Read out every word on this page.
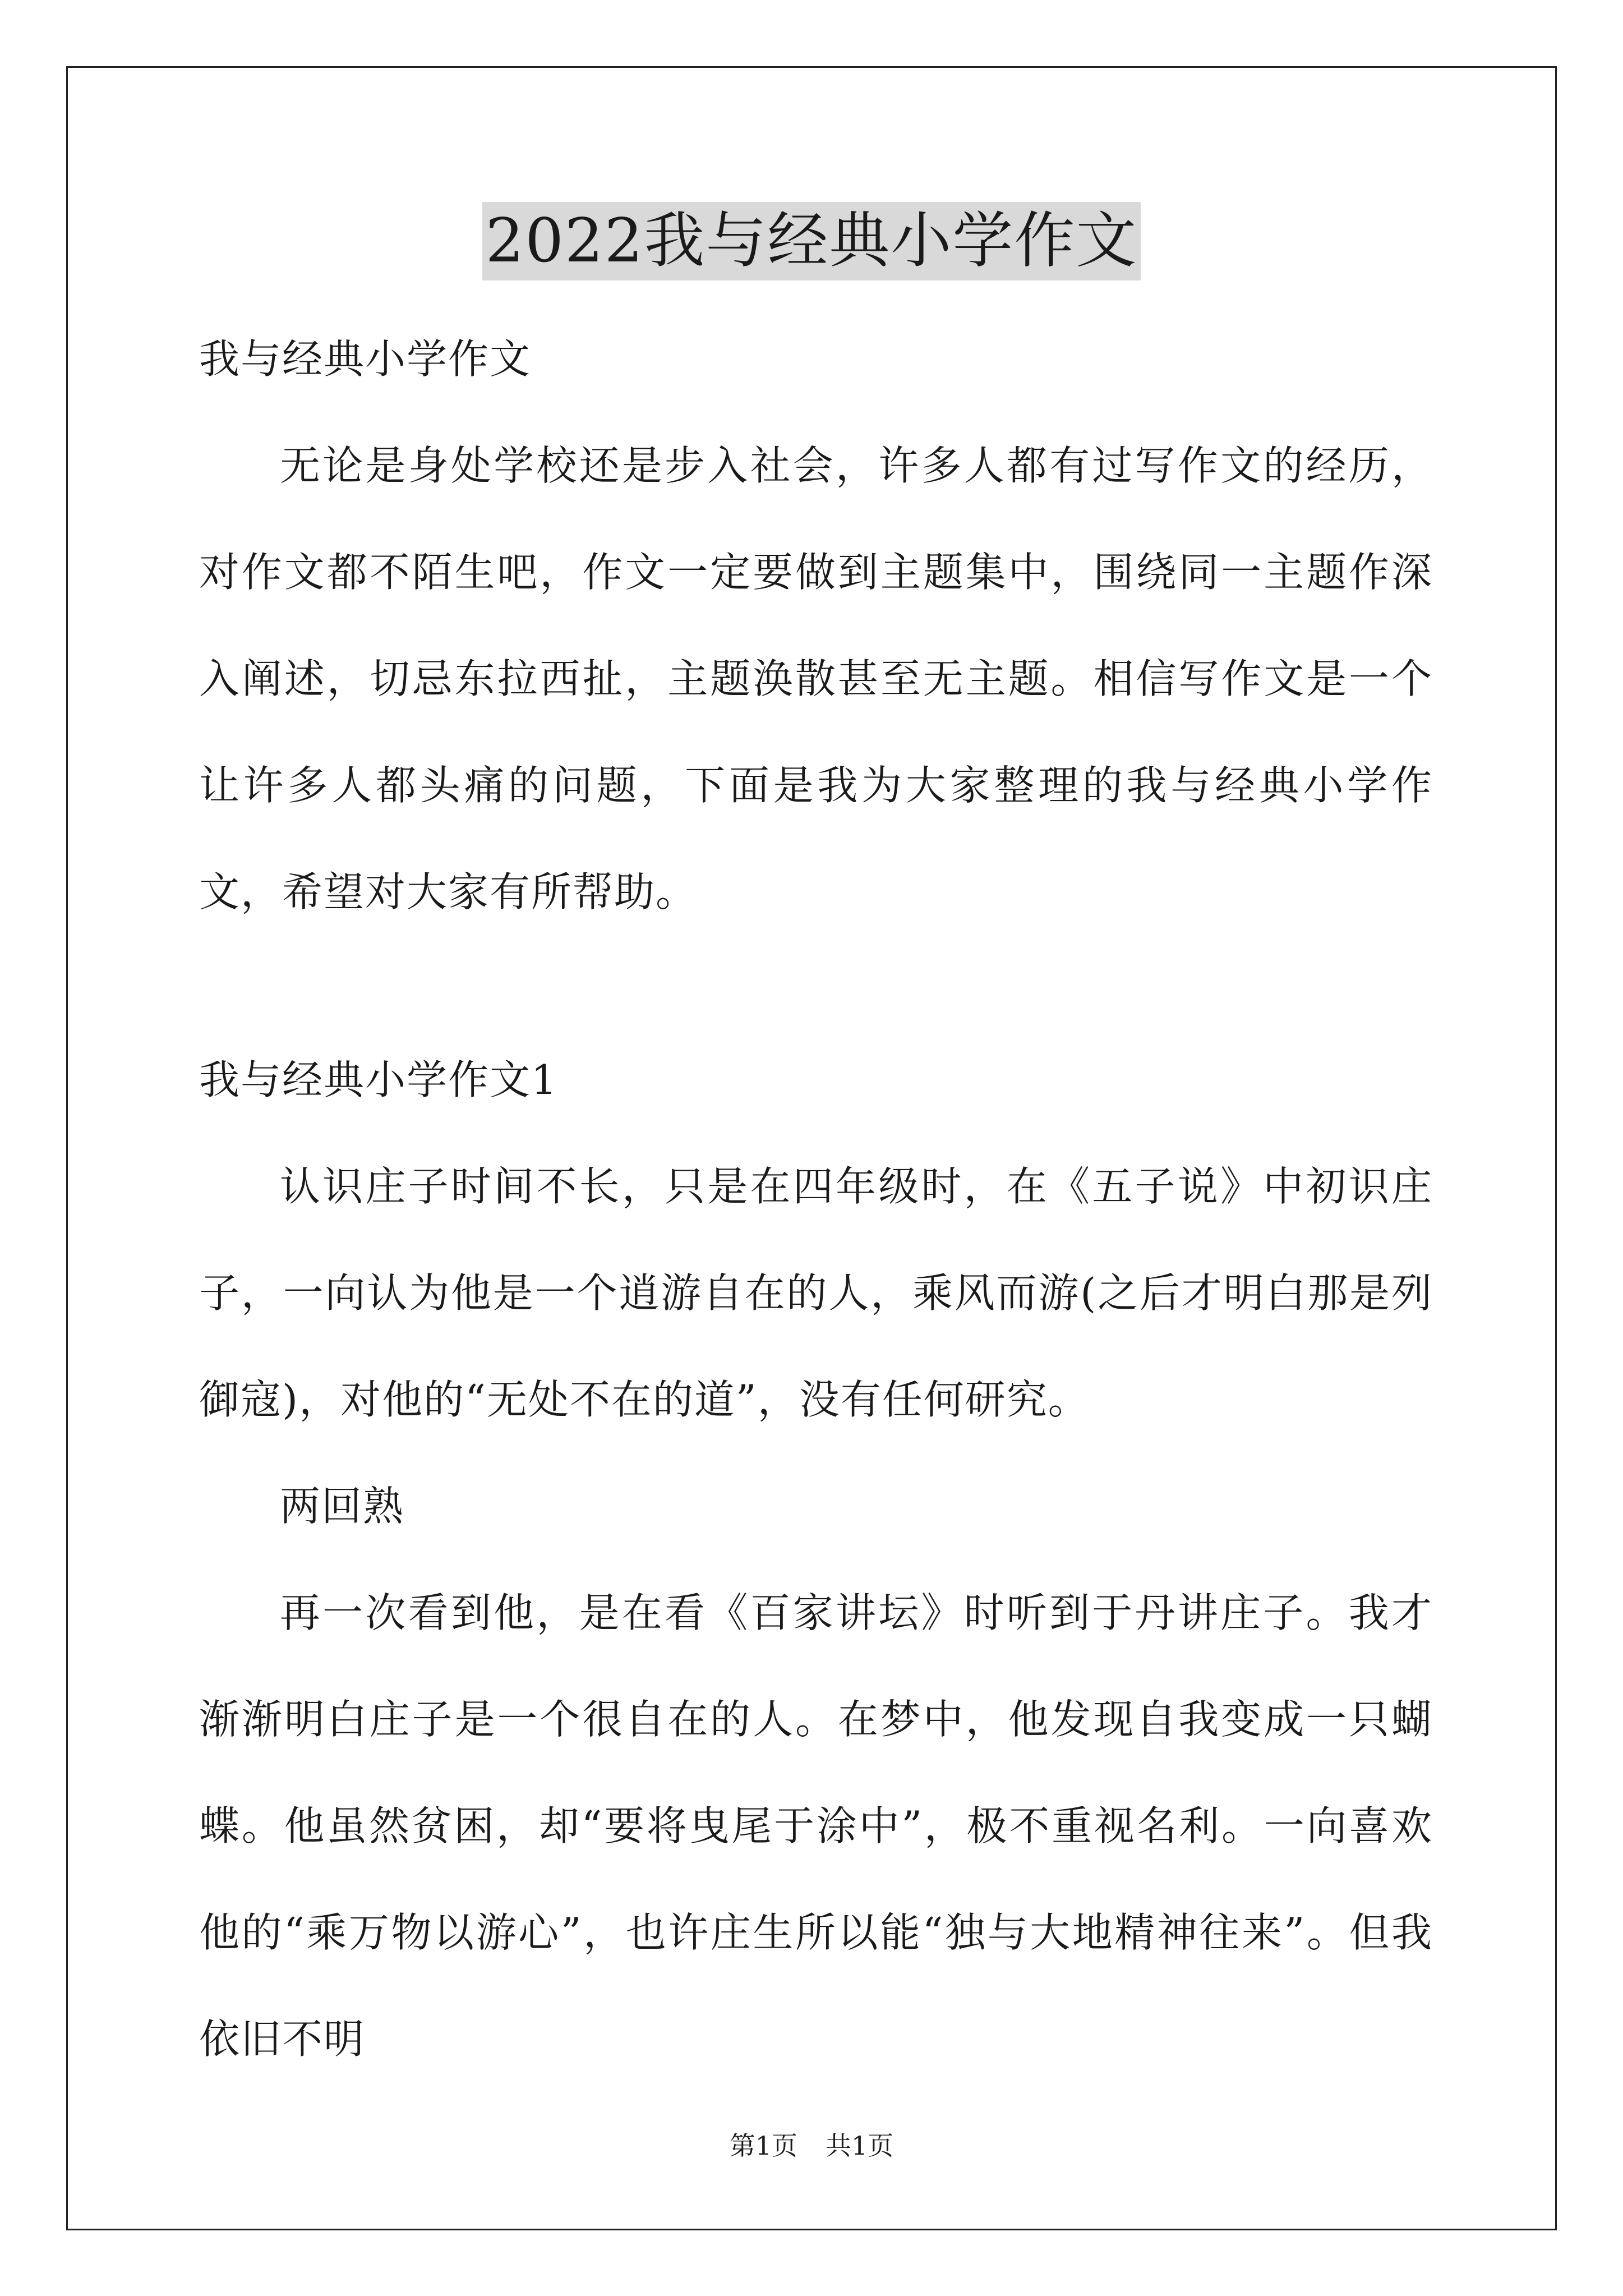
2022我与经典小学作文

我与经典小学作文

无论是身处学校还是步入社会，许多人都有过写作文的经历，对作文都不陌生吧，作文一定要做到主题集中，围绕同一主题作深入阐述，切忌东拉西扯，主题涣散甚至无主题。相信写作文是一个让许多人都头痛的问题，下面是我为大家整理的我与经典小学作文，希望对大家有所帮助。

我与经典小学作文1

认识庄子时间不长，只是在四年级时，在《五子说》中初识庄子，一向认为他是一个逍游自在的人，乘风而游(之后才明白那是列御寇)，对他的“无处不在的道”，没有任何研究。

两回熟

再一次看到他，是在看《百家讲坛》时听到于丹讲庄子。我才渐渐明白庄子是一个很自在的人。在梦中，他发现自我变成一只蝴蝶。他虽然贫困，却“要将曳尾于涂中”，极不重视名利。一向喜欢他的“乘万物以游心”，也许庄生所以能“独与大地精神往来”。但我依旧不明

第1页 共1页
